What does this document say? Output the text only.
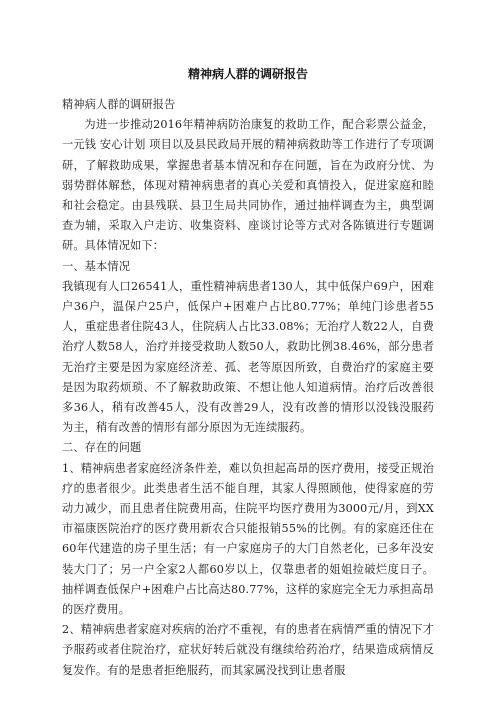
精神病人群的调研报告

精神病人群的调研报告

为进一步推动2016年精神病防治康复的救助工作，配合彩票公益金，一元钱 安心计划 项目以及县民政局开展的精神病救助等工作进行了专项调研，了解救助成果，掌握患者基本情况和存在问题，旨在为政府分忧、为弱势群体解愁，体现对精神病患者的真心关爱和真情投入，促进家庭和睦和社会稳定。由县残联、县卫生局共同协作，通过抽样调查为主，典型调查为辅，采取入户走访、收集资料、座谈讨论等方式对各陈镇进行专题调研。具体情况如下：

一、基本情况

我镇现有人口26541人，重性精神病患者130人，其中低保户69户，困难户36户，温保户25户，低保户+困难户占比80.77%；单纯门诊患者55人，重症患者住院43人，住院病人占比33.08%；无治疗人数22人，自费治疗人数58人，治疗并接受救助人数50人，救助比例38.46%，部分患者无治疗主要是因为家庭经济差、孤、老等原因所致，自费治疗的家庭主要是因为取药烦琐、不了解救助政策、不想让他人知道病情。治疗后改善很多36人，稍有改善45人，没有改善29人，没有改善的情形以没钱没服药为主，稍有改善的情形有部分原因为无连续服药。

二、存在的问题

1、精神病患者家庭经济条件差，难以负担起高昂的医疗费用，接受正规治疗的患者很少。此类患者生活不能自理，其家人得照顾他，使得家庭的劳动力减少，而且患者住院费用高，住院平均医疗费用为3000元/月，到XX市福康医院治疗的医疗费用新农合只能报销55%的比例。有的家庭还住在60年代建造的房子里生活；有一户家庭房子的大门自然老化，已多年没安装大门了；另一户全家2人都60岁以上，仅靠患者的姐姐捡破烂度日子。抽样调查低保户+困难户占比高达80.77%，这样的家庭完全无力承担高昂的医疗费用。

2、精神病患者家庭对疾病的治疗不重视，有的患者在病情严重的情况下才予服药或者住院治疗，症状好转后就没有继续给药治疗，结果造成病情反复发作。有的是患者拒绝服药，而其家属没找到让患者服
